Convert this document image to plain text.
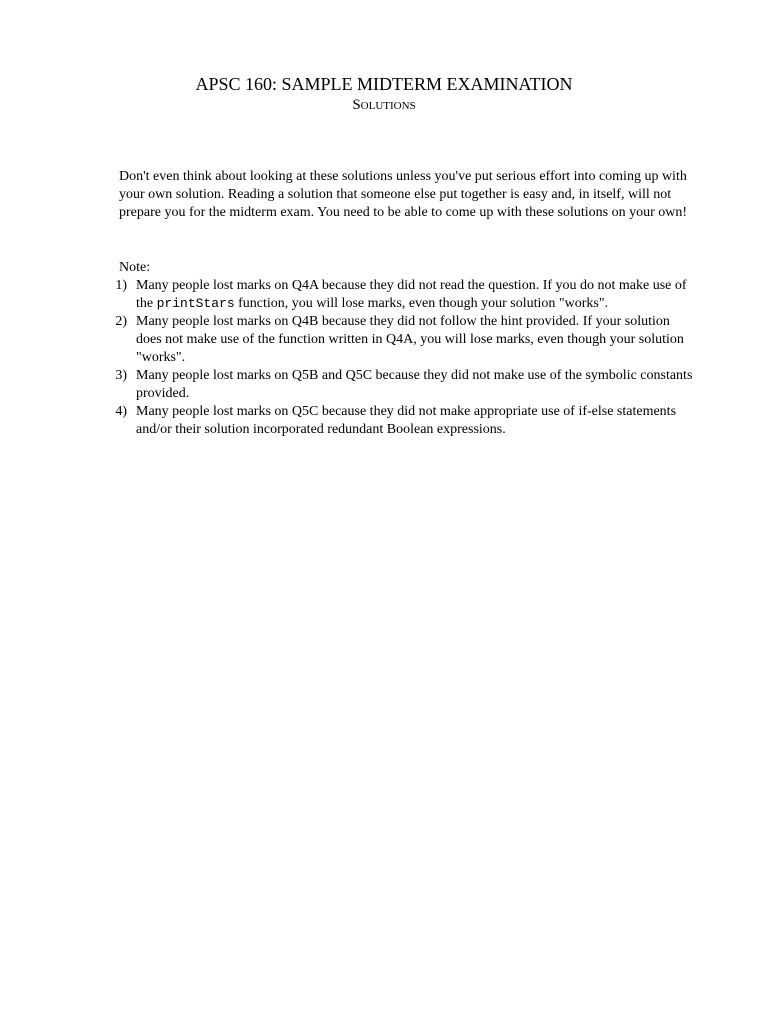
APSC 160: SAMPLE MIDTERM EXAMINATION
Solutions

Don't even think about looking at these solutions unless you've put serious effort into coming up with your own solution. Reading a solution that someone else put together is easy and, in itself, will not prepare you for the midterm exam. You need to be able to come up with these solutions on your own!

Note:
1) Many people lost marks on Q4A because they did not read the question. If you do not make use of the printStars function, you will lose marks, even though your solution "works".
2) Many people lost marks on Q4B because they did not follow the hint provided. If your solution does not make use of the function written in Q4A, you will lose marks, even though your solution "works".
3) Many people lost marks on Q5B and Q5C because they did not make use of the symbolic constants provided.
4) Many people lost marks on Q5C because they did not make appropriate use of if-else statements and/or their solution incorporated redundant Boolean expressions.
